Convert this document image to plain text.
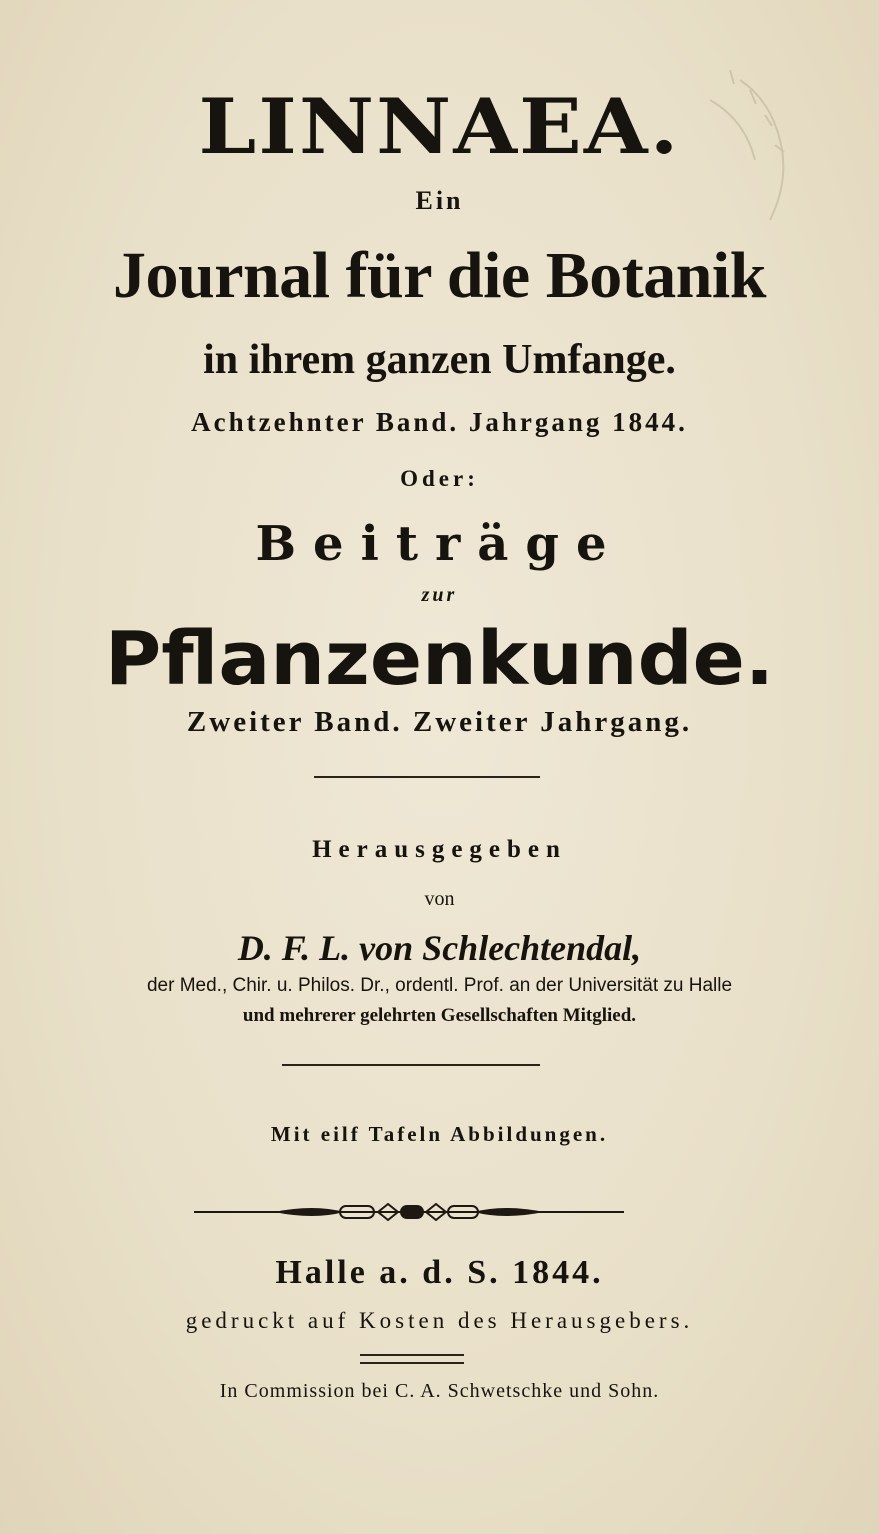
LINNAEA.
Ein
Journal für die Botanik
in ihrem ganzen Umfange.
Achtzehnter Band. Jahrgang 1844.
Oder:
Beiträge
zur
Pflanzenkunde.
Zweiter Band. Zweiter Jahrgang.
Herausgegeben
von
D. F. L. von Schlechtendal,
der Med., Chir. u. Philos. Dr., ordentl. Prof. an der Universität zu Halle
und mehrerer gelehrten Gesellschaften Mitglied.
Mit eilf Tafeln Abbildungen.
Halle a. d. S. 1844.
gedruckt auf Kosten des Herausgebers.
In Commission bei C. A. Schwetschke und Sohn.
